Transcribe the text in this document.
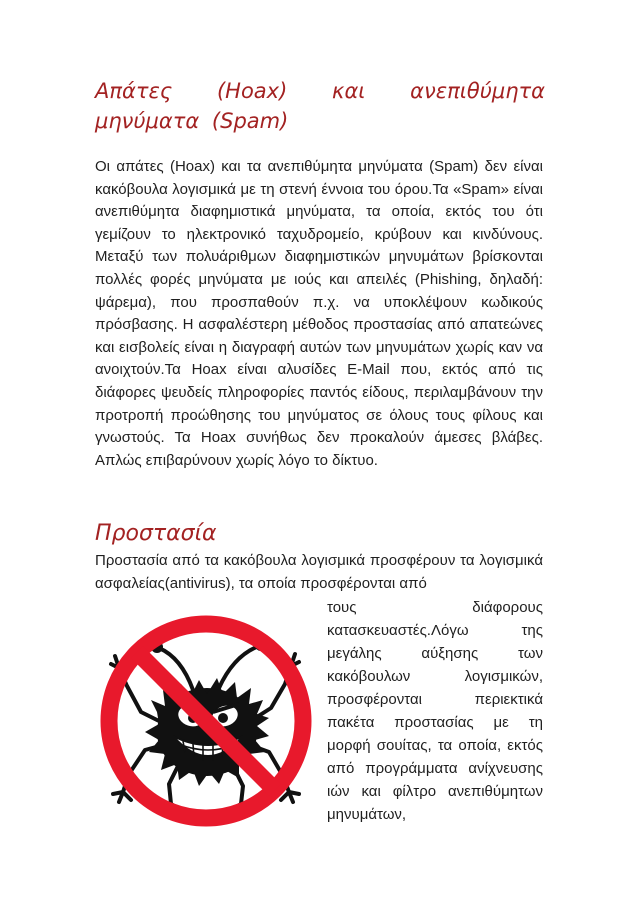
Απάτες (Hoax) και ανεπιθύμητα μηνύματα (Spam)

Οι απάτες (Hoax) και τα ανεπιθύμητα μηνύματα (Spam) δεν είναι κακόβουλα λογισμικά με τη στενή έννοια του όρου.Τα «Spam» είναι ανεπιθύμητα διαφημιστικά μηνύματα, τα οποία, εκτός του ότι γεμίζουν το ηλεκτρονικό ταχυδρομείο, κρύβουν και κινδύνους. Μεταξύ των πολυάριθμων διαφημιστικών μηνυμάτων βρίσκονται πολλές φορές μηνύματα με ιούς και απειλές (Phishing, δηλαδή: ψάρεμα), που προσπαθούν π.χ. να υποκλέψουν κωδικούς πρόσβασης. Η ασφαλέστερη μέθοδος προστασίας από απατεώνες και εισβολείς είναι η διαγραφή αυτών των μηνυμάτων χωρίς καν να ανοιχτούν.Τα Hoax είναι αλυσίδες E-Mail που, εκτός από τις διάφορες ψευδείς πληροφορίες παντός είδους, περιλαμβάνουν την προτροπή προώθησης του μηνύματος σε όλους τους φίλους και γνωστούς. Τα Hoax συνήθως δεν προκαλούν άμεσες βλάβες. Απλώς επιβαρύνουν χωρίς λόγο το δίκτυο.

Προστασία

Προστασία από τα κακόβουλα λογισμικά προσφέρουν τα λογισμικά ασφαλείας(antivirus), τα οποία προσφέρονται από

τους διάφορους κατασκευαστές.Λόγω της μεγάλης αύξησης των κακόβουλων λογισμικών, προσφέρονται περιεκτικά πακέτα προστασίας με τη μορφή σουίτας, τα οποία, εκτός από προγράμματα ανίχνευσης ιών και φίλτρο ανεπιθύμητων μηνυμάτων,
